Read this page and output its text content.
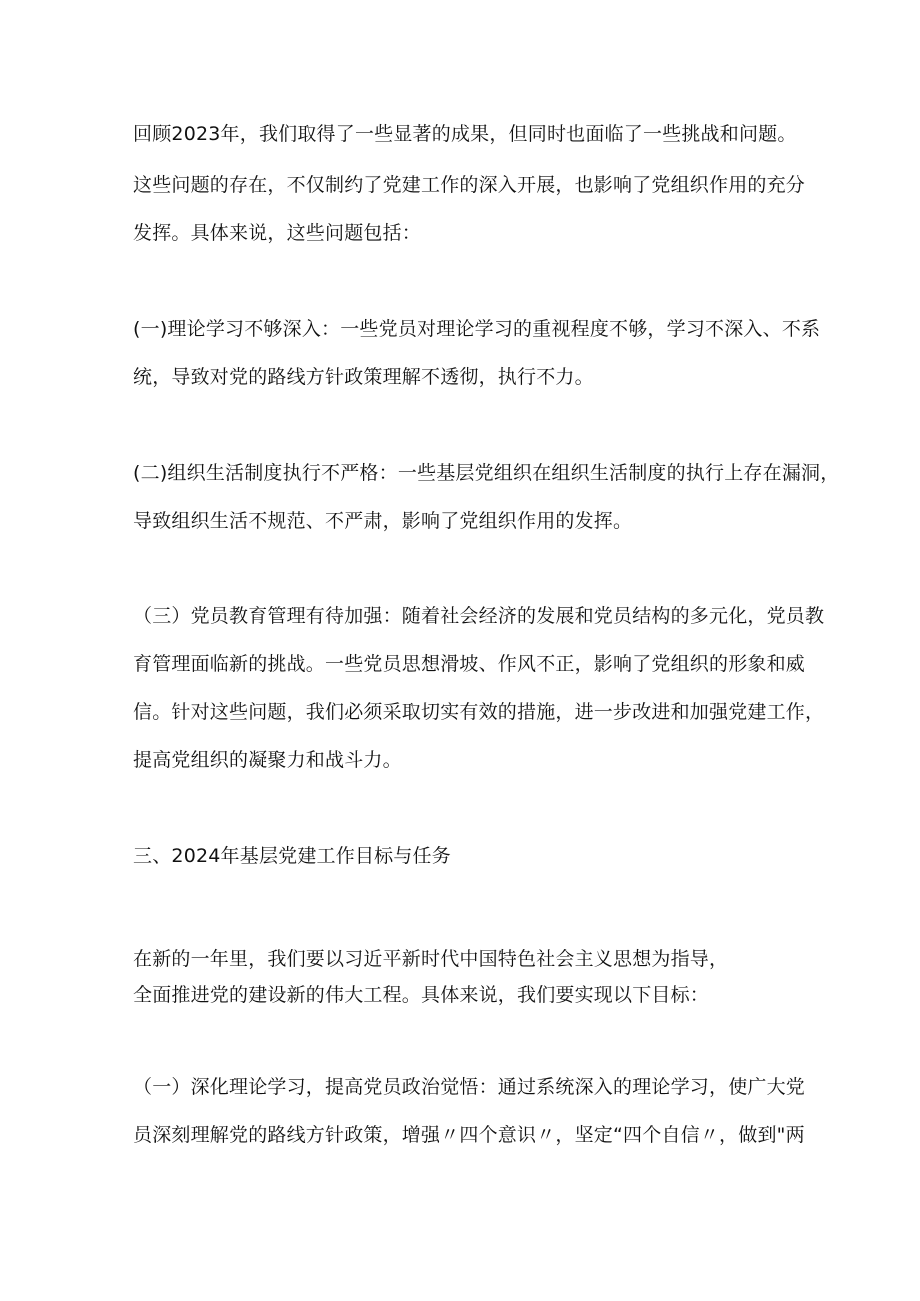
回顾2023年，我们取得了一些显著的成果，但同时也面临了一些挑战和问题。
这些问题的存在，不仅制约了党建工作的深入开展，也影响了党组织作用的充分
发挥。具体来说，这些问题包括：
(一)理论学习不够深入：一些党员对理论学习的重视程度不够，学习不深入、不系
统，导致对党的路线方针政策理解不透彻，执行不力。
(二)组织生活制度执行不严格：一些基层党组织在组织生活制度的执行上存在漏洞，
导致组织生活不规范、不严肃，影响了党组织作用的发挥。
（三）党员教育管理有待加强：随着社会经济的发展和党员结构的多元化，党员教
育管理面临新的挑战。一些党员思想滑坡、作风不正，影响了党组织的形象和威
信。针对这些问题，我们必须采取切实有效的措施，进一步改进和加强党建工作，
提高党组织的凝聚力和战斗力。
三、2024年基层党建工作目标与任务
在新的一年里，我们要以习近平新时代中国特色社会主义思想为指导，
全面推进党的建设新的伟大工程。具体来说，我们要实现以下目标：
（一）深化理论学习，提高党员政治觉悟：通过系统深入的理论学习，使广大党
员深刻理解党的路线方针政策，增强〃四个意识〃，坚定“四个自信〃，做到"两
